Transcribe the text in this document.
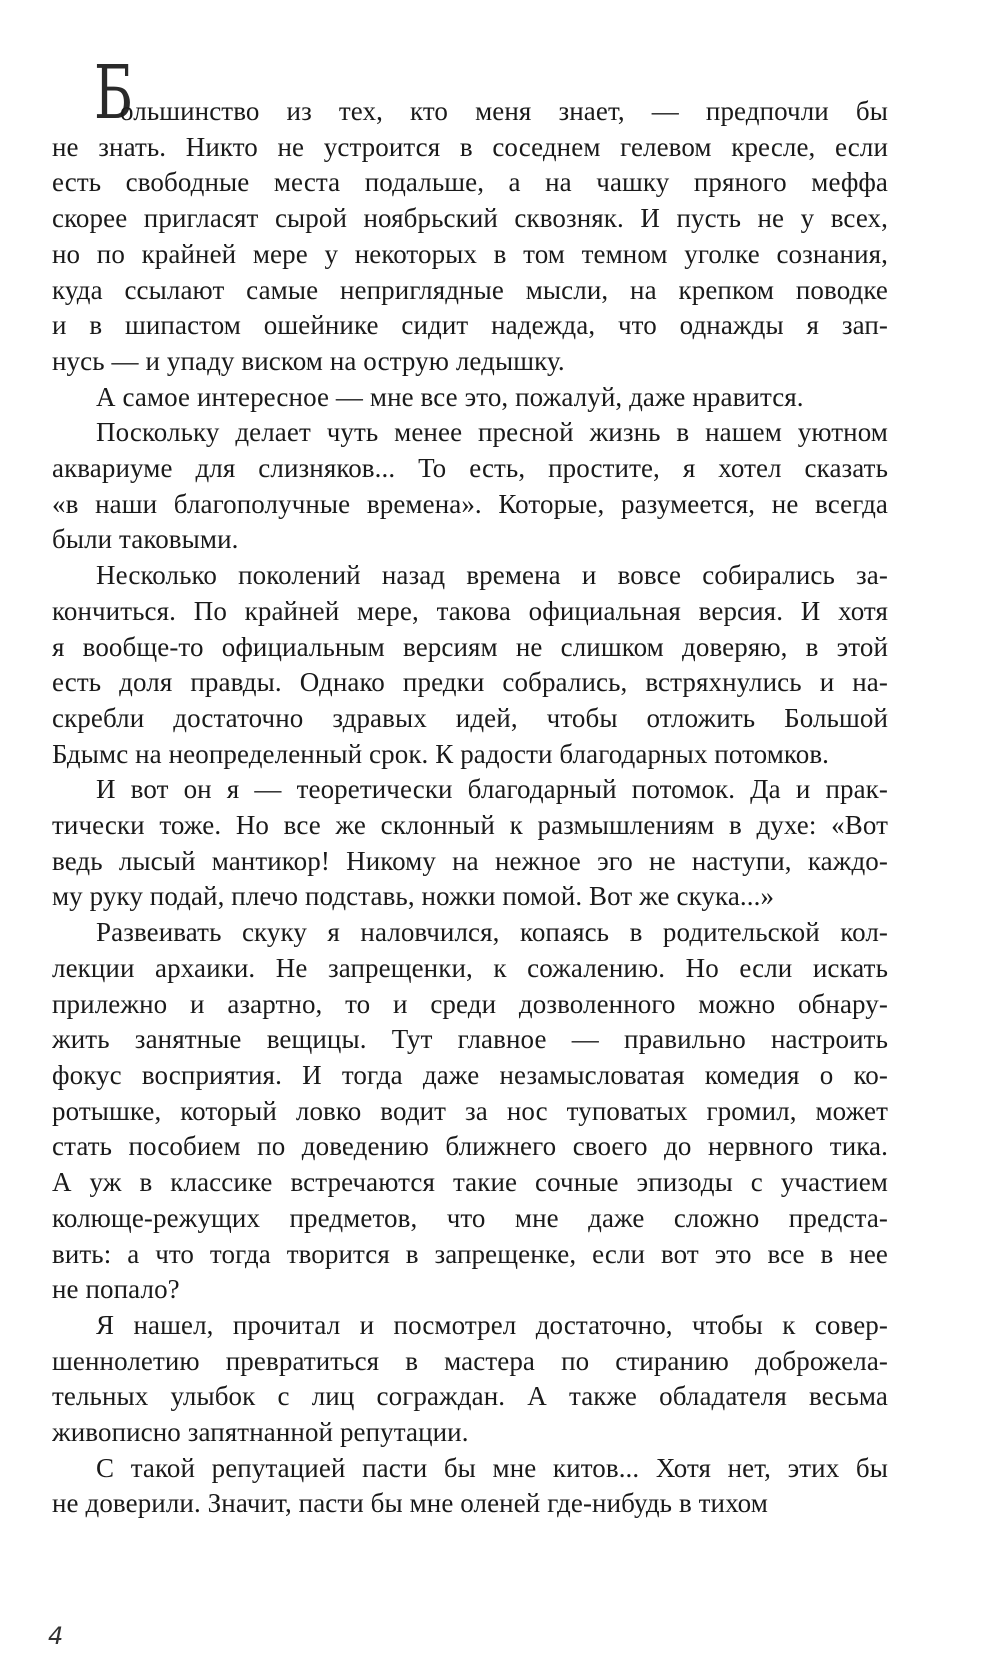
Б
ольшинство из тех, кто меня знает, — предпочли бы
не знать. Никто не устроится в соседнем гелевом кресле, если
есть свободные места подальше, а на чашку пряного меффа
скорее пригласят сырой ноябрьский сквозняк. И пусть не у всех,
но по крайней мере у некоторых в том темном уголке сознания,
куда ссылают самые неприглядные мысли, на крепком поводке
и в шипастом ошейнике сидит надежда, что однажды я зап-
нусь — и упаду виском на острую ледышку.
А самое интересное — мне все это, пожалуй, даже нравится.
Поскольку делает чуть менее пресной жизнь в нашем уютном
аквариуме для слизняков... То есть, простите, я хотел сказать
«в наши благополучные времена». Которые, разумеется, не всегда
были таковыми.
Несколько поколений назад времена и вовсе собирались за-
кончиться. По крайней мере, такова официальная версия. И хотя
я вообще-то официальным версиям не слишком доверяю, в этой
есть доля правды. Однако предки собрались, встряхнулись и на-
скребли достаточно здравых идей, чтобы отложить Большой
Бдымс на неопределенный срок. К радости благодарных потомков.
И вот он я — теоретически благодарный потомок. Да и прак-
тически тоже. Но все же склонный к размышлениям в духе: «Вот
ведь лысый мантикор! Никому на нежное эго не наступи, каждо-
му руку подай, плечо подставь, ножки помой. Вот же скука...»
Развеивать скуку я наловчился, копаясь в родительской кол-
лекции архаики. Не запрещенки, к сожалению. Но если искать
прилежно и азартно, то и среди дозволенного можно обнару-
жить занятные вещицы. Тут главное — правильно настроить
фокус восприятия. И тогда даже незамысловатая комедия о ко-
ротышке, который ловко водит за нос туповатых громил, может
стать пособием по доведению ближнего своего до нервного тика.
А уж в классике встречаются такие сочные эпизоды с участием
колюще-режущих предметов, что мне даже сложно предста-
вить: а что тогда творится в запрещенке, если вот это все в нее
не попало?
Я нашел, прочитал и посмотрел достаточно, чтобы к совер-
шеннолетию превратиться в мастера по стиранию доброжела-
тельных улыбок с лиц сограждан. А также обладателя весьма
живописно запятнанной репутации.
С такой репутацией пасти бы мне китов... Хотя нет, этих бы
не доверили. Значит, пасти бы мне оленей где-нибудь в тихом
4
